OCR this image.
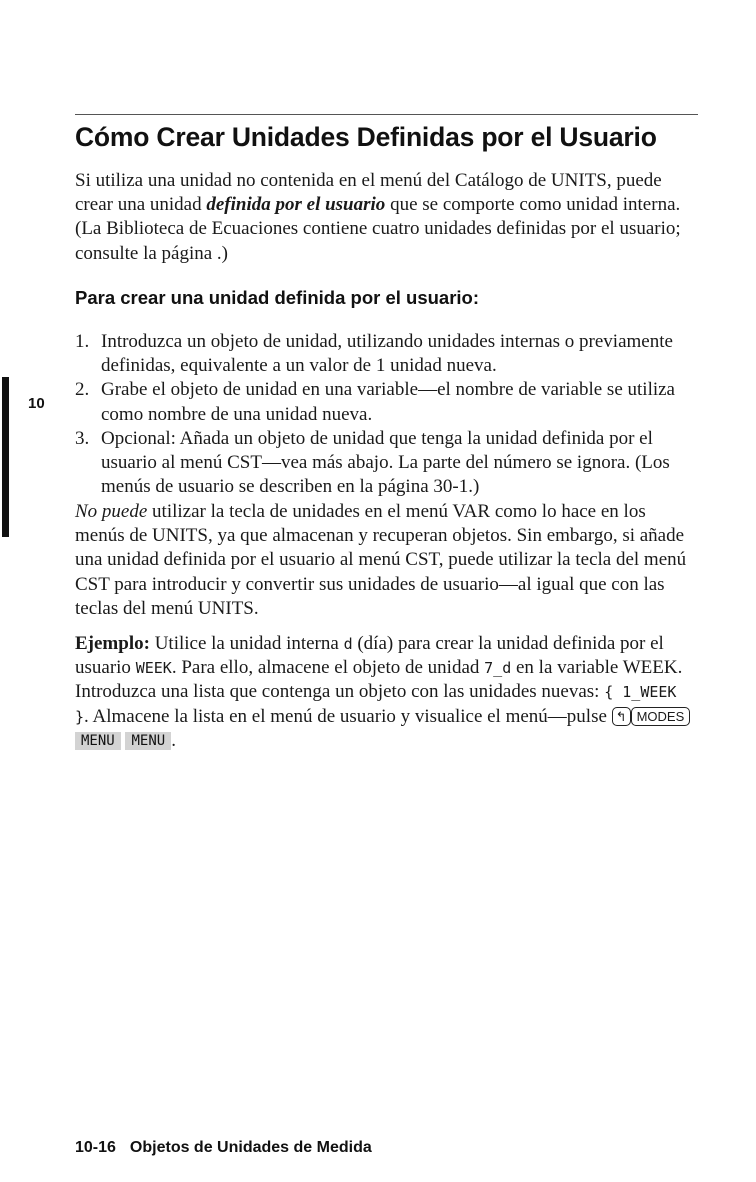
Cómo Crear Unidades Definidas por el Usuario

Si utiliza una unidad no contenida en el menú del Catálogo de UNITS, puede crear una unidad definida por el usuario que se comporte como unidad interna. (La Biblioteca de Ecuaciones contiene cuatro unidades definidas por el usuario; consulte la página .)

Para crear una unidad definida por el usuario:
1. Introduzca un objeto de unidad, utilizando unidades internas o previamente definidas, equivalente a un valor de 1 unidad nueva.
2. Grabe el objeto de unidad en una variable—el nombre de variable se utiliza como nombre de una unidad nueva.
3. Opcional: Añada un objeto de unidad que tenga la unidad definida por el usuario al menú CST—vea más abajo. La parte del número se ignora. (Los menús de usuario se describen en la página 30-1.)

No puede utilizar la tecla de unidades en el menú VAR como lo hace en los menús de UNITS, ya que almacenan y recuperan objetos. Sin embargo, si añade una unidad definida por el usuario al menú CST, puede utilizar la tecla del menú CST para introducir y convertir sus unidades de usuario—al igual que con las teclas del menú UNITS.

Ejemplo: Utilice la unidad interna d (día) para crear la unidad definida por el usuario WEEK. Para ello, almacene el objeto de unidad 7_d en la variable WEEK. Introduzca una lista que contenga un objeto con las unidades nuevas: { 1_WEEK }. Almacene la lista en el menú de usuario y visualice el menú—pulse ↰ MODES MENU MENU .

10
10-16 Objetos de Unidades de Medida
